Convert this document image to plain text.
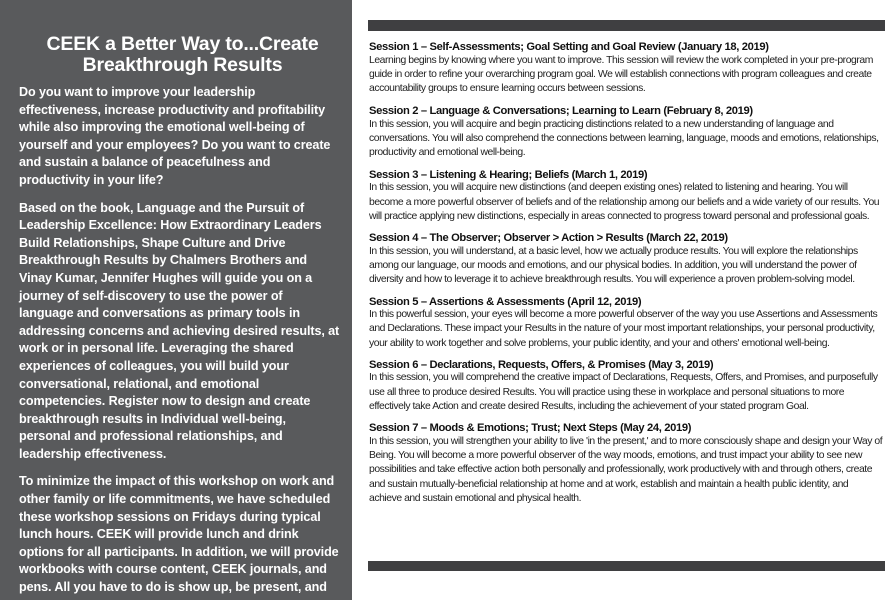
CEEK a Better Way to...Create Breakthrough Results

Do you want to improve your leadership effectiveness, increase productivity and profitability while also improving the emotional well-being of yourself and your employees? Do you want to create and sustain a balance of peacefulness and productivity in your life?

Based on the book, Language and the Pursuit of Leadership Excellence: How Extraordinary Leaders Build Relationships, Shape Culture and Drive Breakthrough Results by Chalmers Brothers and Vinay Kumar, Jennifer Hughes will guide you on a journey of self-discovery to use the power of language and conversations as primary tools in addressing concerns and achieving desired results, at work or in personal life. Leveraging the shared experiences of colleagues, you will build your conversational, relational, and emotional competencies. Register now to design and create breakthrough results in Individual well-being, personal and professional relationships, and leadership effectiveness.

To minimize the impact of this workshop on work and other family or life commitments, we have scheduled these workshop sessions on Fridays during typical lunch hours. CEEK will provide lunch and drink options for all participants. In addition, we will provide workbooks with course content, CEEK journals, and pens. All you have to do is show up, be present, and CEEK a Better Way!

Session 1 – Self-Assessments; Goal Setting and Goal Review (January 18, 2019)

Learning begins by knowing where you want to improve. This session will review the work completed in your pre-program guide in order to refine your overarching program goal. We will establish connections with program colleagues and create accountability groups to ensure learning occurs between sessions.

Session 2 – Language & Conversations; Learning to Learn (February 8, 2019)

In this session, you will acquire and begin practicing distinctions related to a new understanding of language and conversations. You will also comprehend the connections between learning, language, moods and emotions, relationships, productivity and emotional well-being.

Session 3 – Listening & Hearing; Beliefs (March 1, 2019)

In this session, you will acquire new distinctions (and deepen existing ones) related to listening and hearing. You will become a more powerful observer of beliefs and of the relationship among our beliefs and a wide variety of our results. You will practice applying new distinctions, especially in areas connected to progress toward personal and professional goals.

Session 4 – The Observer; Observer > Action > Results (March 22, 2019)

In this session, you will understand, at a basic level, how we actually produce results. You will explore the relationships among our language, our moods and emotions, and our physical bodies. In addition, you will understand the power of diversity and how to leverage it to achieve breakthrough results. You will experience a proven problem-solving model.

Session 5 – Assertions & Assessments (April 12, 2019)

In this powerful session, your eyes will become a more powerful observer of the way you use Assertions and Assessments and Declarations. These impact your Results in the nature of your most important relationships, your personal productivity, your ability to work together and solve problems, your public identity, and your and others' emotional well-being.

Session 6 – Declarations, Requests, Offers, & Promises (May 3, 2019)

In this session, you will comprehend the creative impact of Declarations, Requests, Offers, and Promises, and purposefully use all three to produce desired Results. You will practice using these in workplace and personal situations to more effectively take Action and create desired Results, including the achievement of your stated program Goal.

Session 7 – Moods & Emotions; Trust; Next Steps (May 24, 2019)

In this session, you will strengthen your ability to live 'in the present,' and to more consciously shape and design your Way of Being. You will become a more powerful observer of the way moods, emotions, and trust impact your ability to see new possibilities and take effective action both personally and professionally, work productively with and through others, create and sustain mutually-beneficial relationship at home and at work, establish and maintain a health public identity, and achieve and sustain emotional and physical health.
